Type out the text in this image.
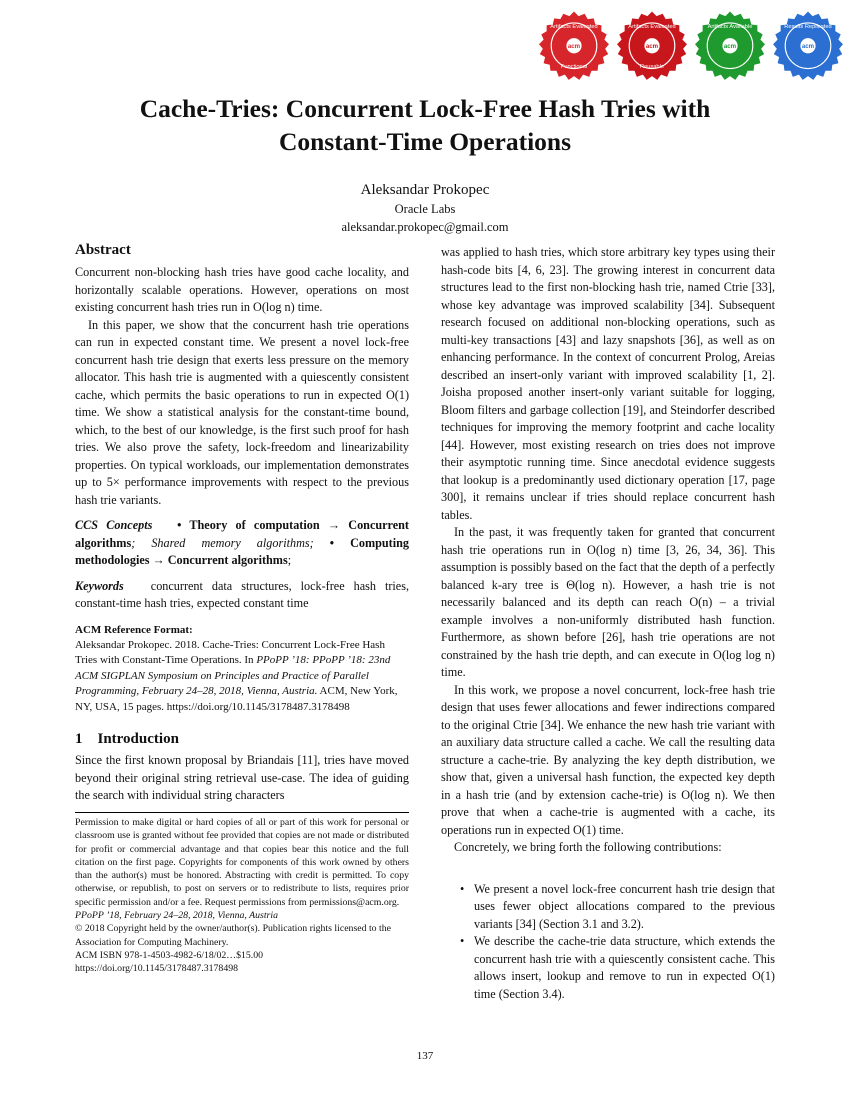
acm
Artifacts Evaluated
Functional
acm
Artifacts Evaluated
Reusable
acm
Artifacts Available
acm
Results Replicated
Cache-Tries: Concurrent Lock-Free Hash Tries with
Constant-Time Operations
Aleksandar Prokopec
Oracle Labs
aleksandar.prokopec@gmail.com
Abstract

Concurrent non-blocking hash tries have good cache locality, and horizontally scalable operations. However, operations on most existing concurrent hash tries run in O(log n) time.

In this paper, we show that the concurrent hash trie operations can run in expected constant time. We present a novel lock-free concurrent hash trie design that exerts less pressure on the memory allocator. This hash trie is augmented with a quiescently consistent cache, which permits the basic operations to run in expected O(1) time. We show a statistical analysis for the constant-time bound, which, to the best of our knowledge, is the first such proof for hash tries. We also prove the safety, lock-freedom and linearizability properties. On typical workloads, our implementation demonstrates up to 5× performance improvements with respect to the previous hash trie variants.

CCS Concepts • Theory of computation → Concurrent algorithms; Shared memory algorithms; • Computing methodologies → Concurrent algorithms;

Keywords concurrent data structures, lock-free hash tries, constant-time hash tries, expected constant time

ACM Reference Format:

Aleksandar Prokopec. 2018. Cache-Tries: Concurrent Lock-Free Hash Tries with Constant-Time Operations. In PPoPP ’18: PPoPP ’18: 23nd ACM SIGPLAN Symposium on Principles and Practice of Parallel Programming, February 24–28, 2018, Vienna, Austria. ACM, New York, NY, USA, 15 pages. https://doi.org/10.1145/3178487.3178498

1 Introduction

Since the first known proposal by Briandais [11], tries have moved beyond their original string retrieval use-case. The idea of guiding the search with individual string characters

Permission to make digital or hard copies of all or part of this work for personal or classroom use is granted without fee provided that copies are not made or distributed for profit or commercial advantage and that copies bear this notice and the full citation on the first page. Copyrights for components of this work owned by others than the author(s) must be honored. Abstracting with credit is permitted. To copy otherwise, or republish, to post on servers or to redistribute to lists, requires prior specific permission and/or a fee. Request permissions from permissions@acm.org.

PPoPP ’18, February 24–28, 2018, Vienna, Austria

© 2018 Copyright held by the owner/author(s). Publication rights licensed to the Association for Computing Machinery.

ACM ISBN 978-1-4503-4982-6/18/02…$15.00

https://doi.org/10.1145/3178487.3178498

was applied to hash tries, which store arbitrary key types using their hash-code bits [4, 6, 23]. The growing interest in concurrent data structures lead to the first non-blocking hash trie, named Ctrie [33], whose key advantage was improved scalability [34]. Subsequent research focused on additional non-blocking operations, such as multi-key transactions [43] and lazy snapshots [36], as well as on enhancing performance. In the context of concurrent Prolog, Areias described an insert-only variant with improved scalability [1, 2]. Joisha proposed another insert-only variant suitable for logging, Bloom filters and garbage collection [19], and Steindorfer described techniques for improving the memory footprint and cache locality [44]. However, most existing research on tries does not improve their asymptotic running time. Since anecdotal evidence suggests that lookup is a predominantly used dictionary operation [17, page 300], it remains unclear if tries should replace concurrent hash tables.

In the past, it was frequently taken for granted that concurrent hash trie operations run in O(log n) time [3, 26, 34, 36]. This assumption is possibly based on the fact that the depth of a perfectly balanced k-ary tree is Θ(log n). However, a hash trie is not necessarily balanced and its depth can reach O(n) – a trivial example involves a non-uniformly distributed hash function. Furthermore, as shown before [26], hash trie operations are not constrained by the hash trie depth, and can execute in O(log log n) time.

In this work, we propose a novel concurrent, lock-free hash trie design that uses fewer allocations and fewer indirections compared to the original Ctrie [34]. We enhance the new hash trie variant with an auxiliary data structure called a cache. We call the resulting data structure a cache-trie. By analyzing the key depth distribution, we show that, given a universal hash function, the expected key depth in a hash trie (and by extension cache-trie) is O(log n). We then prove that when a cache-trie is augmented with a cache, its operations run in expected O(1) time.

Concretely, we bring forth the following contributions:

• We present a novel lock-free concurrent hash trie design that uses fewer object allocations compared to the previous variants [34] (Section 3.1 and 3.2).
• We describe the cache-trie data structure, which extends the concurrent hash trie with a quiescently consistent cache. This allows insert, lookup and remove to run in expected O(1) time (Section 3.4).
137
